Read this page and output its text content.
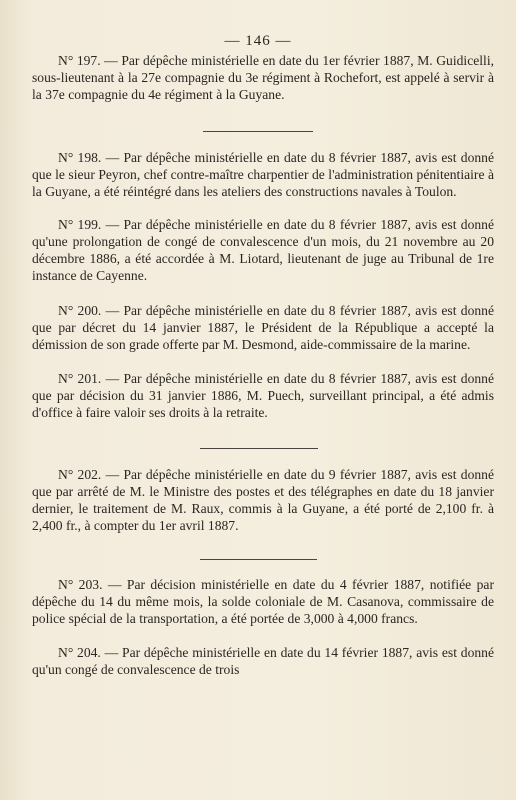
— 146 —

N° 197. — Par dépêche ministérielle en date du 1er février 1887, M. Guidicelli, sous-lieutenant à la 27e compagnie du 3e régiment à Rochefort, est appelé à servir à la 37e compagnie du 4e régiment à la Guyane.

N° 198. — Par dépêche ministérielle en date du 8 février 1887, avis est donné que le sieur Peyron, chef contre-maître charpentier de l'administration pénitentiaire à la Guyane, a été réintégré dans les ateliers des constructions navales à Toulon.

N° 199. — Par dépêche ministérielle en date du 8 février 1887, avis est donné qu'une prolongation de congé de convalescence d'un mois, du 21 novembre au 20 décembre 1886, a été accordée à M. Liotard, lieutenant de juge au Tribunal de 1re instance de Cayenne.

N° 200. — Par dépêche ministérielle en date du 8 février 1887, avis est donné que par décret du 14 janvier 1887, le Président de la République a accepté la démission de son grade offerte par M. Desmond, aide-commissaire de la marine.

N° 201. — Par dépêche ministérielle en date du 8 février 1887, avis est donné que par décision du 31 janvier 1886, M. Puech, surveillant principal, a été admis d'office à faire valoir ses droits à la retraite.

N° 202. — Par dépêche ministérielle en date du 9 février 1887, avis est donné que par arrêté de M. le Ministre des postes et des télégraphes en date du 18 janvier dernier, le traitement de M. Raux, commis à la Guyane, a été porté de 2,100 fr. à 2,400 fr., à compter du 1er avril 1887.

N° 203. — Par décision ministérielle en date du 4 février 1887, notifiée par dépêche du 14 du même mois, la solde coloniale de M. Casanova, commissaire de police spécial de la transportation, a été portée de 3,000 à 4,000 francs.

N° 204. — Par dépêche ministérielle en date du 14 février 1887, avis est donné qu'un congé de convalescence de trois
